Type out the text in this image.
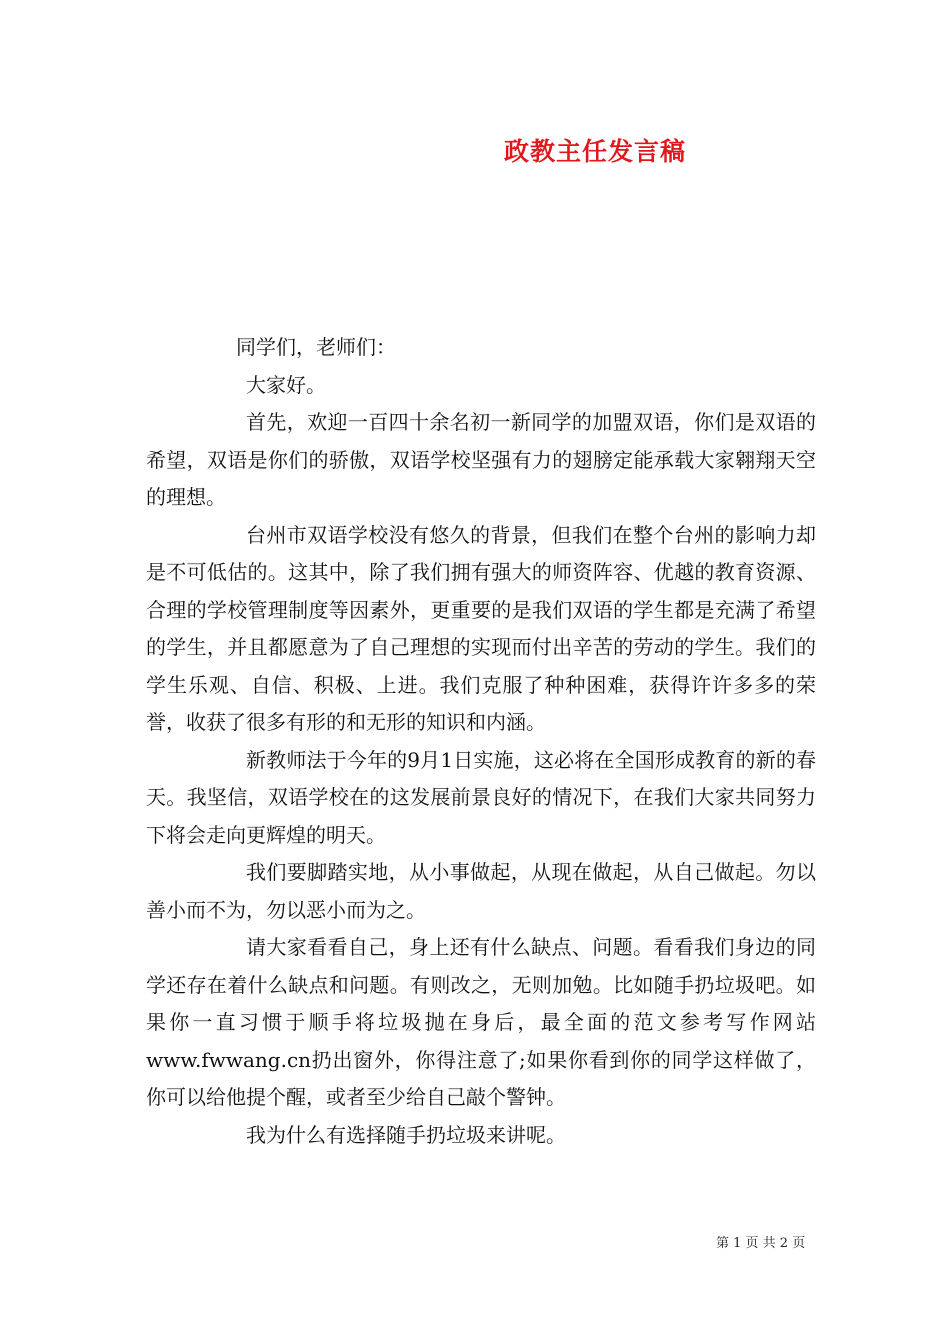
政教主任发言稿

同学们，老师们：

大家好。

首先，欢迎一百四十余名初一新同学的加盟双语，你们是双语的希望，双语是你们的骄傲，双语学校坚强有力的翅膀定能承载大家翱翔天空的理想。

台州市双语学校没有悠久的背景，但我们在整个台州的影响力却是不可低估的。这其中，除了我们拥有强大的师资阵容、优越的教育资源、合理的学校管理制度等因素外，更重要的是我们双语的学生都是充满了希望的学生，并且都愿意为了自己理想的实现而付出辛苦的劳动的学生。我们的学生乐观、自信、积极、上进。我们克服了种种困难，获得许许多多的荣誉，收获了很多有形的和无形的知识和内涵。

新教师法于今年的9月1日实施，这必将在全国形成教育的新的春天。我坚信，双语学校在的这发展前景良好的情况下，在我们大家共同努力下将会走向更辉煌的明天。

我们要脚踏实地，从小事做起，从现在做起，从自己做起。勿以善小而不为，勿以恶小而为之。

请大家看看自己，身上还有什么缺点、问题。看看我们身边的同学还存在着什么缺点和问题。有则改之，无则加勉。比如随手扔垃圾吧。如果你一直习惯于顺手将垃圾抛在身后，最全面的范文参考写作网站www.fwwang.cn扔出窗外，你得注意了;如果你看到你的同学这样做了，你可以给他提个醒，或者至少给自己敲个警钟。

我为什么有选择随手扔垃圾来讲呢。

第 1 页 共 2 页
